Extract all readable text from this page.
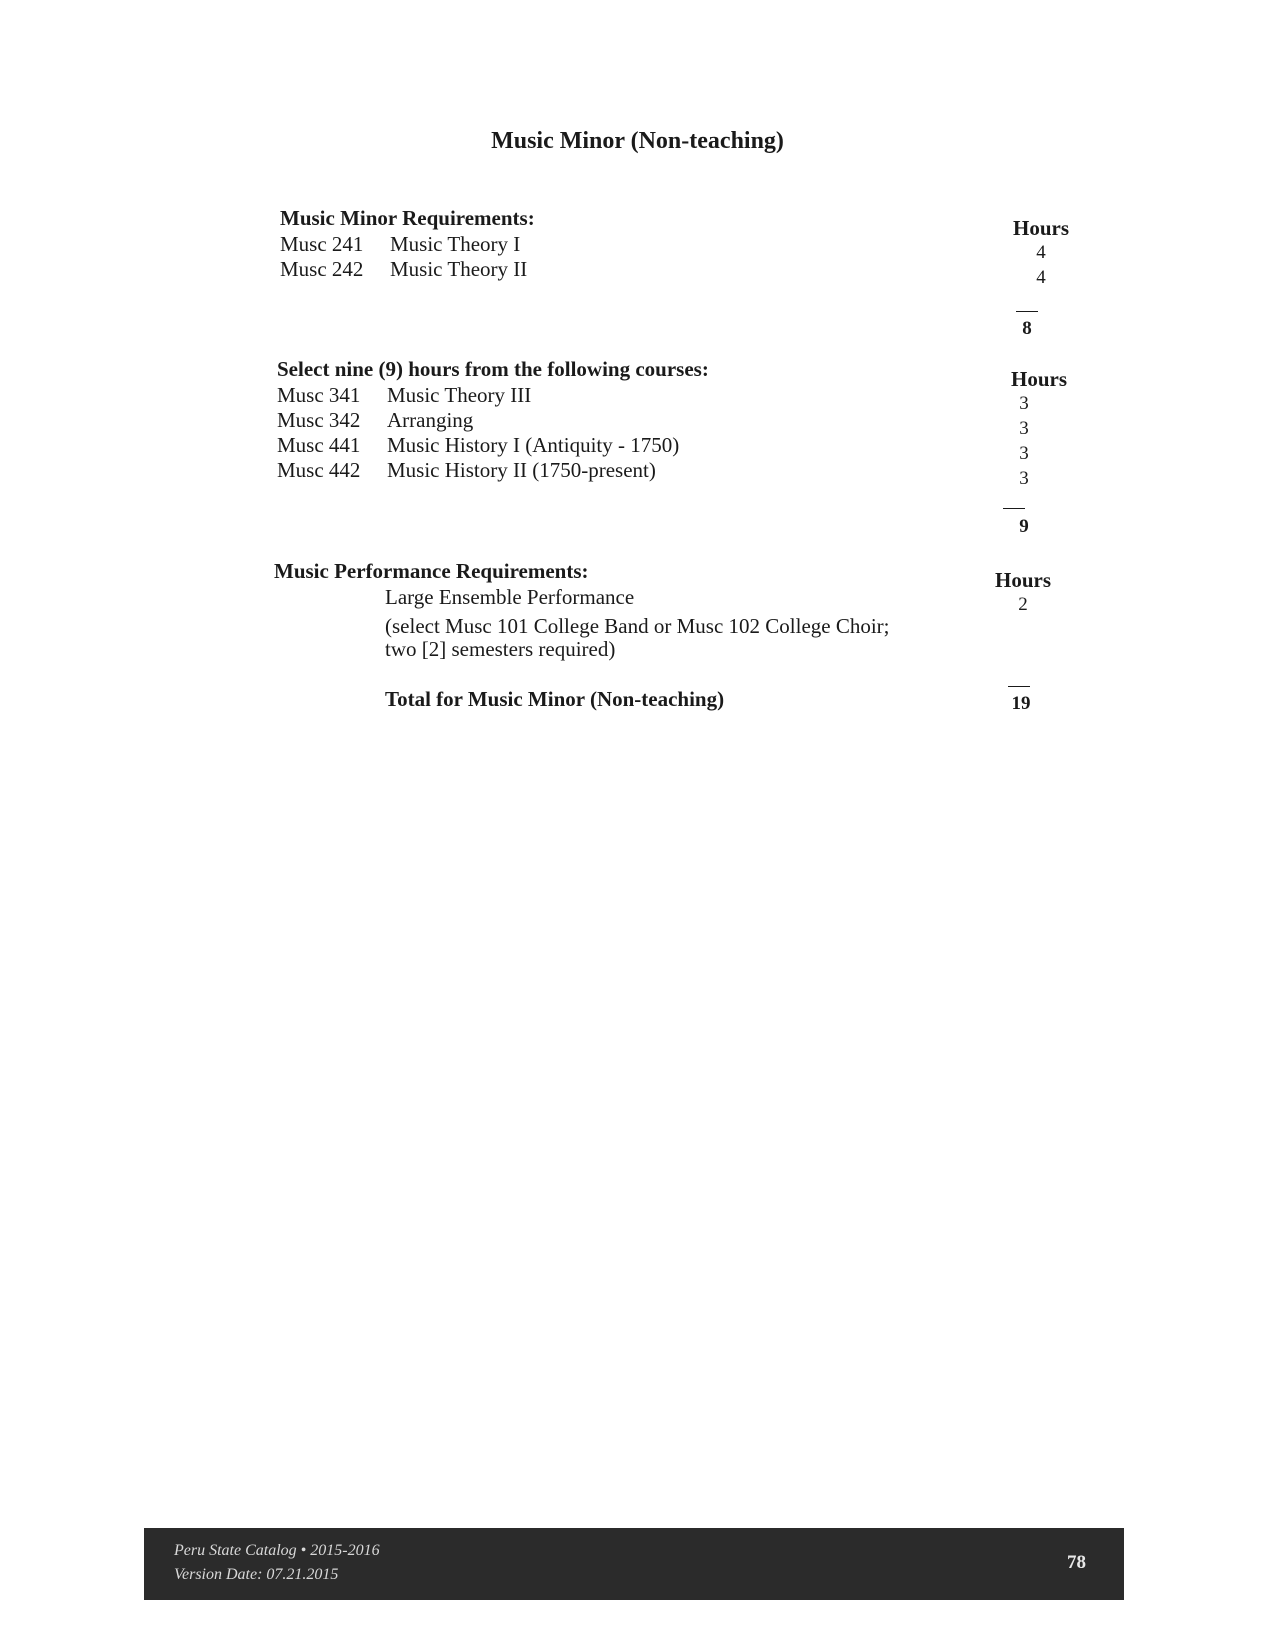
Music Minor (Non-teaching)
Music Minor Requirements:	Hours
Musc 241	Music Theory I	4
Musc 242	Music Theory II	4
8
Select nine (9) hours from the following courses:	Hours
Musc 341	Music Theory III	3
Musc 342	Arranging	3
Musc 441	Music History I (Antiquity - 1750)	3
Musc 442	Music History II (1750-present)	3
9
Music Performance Requirements:	Hours
Large Ensemble Performance	2
(select Musc 101 College Band or Musc 102 College Choir;
two [2] semesters required)
Total for Music Minor (Non-teaching)	19
Peru State Catalog • 2015-2016
Version Date: 07.21.2015
78
